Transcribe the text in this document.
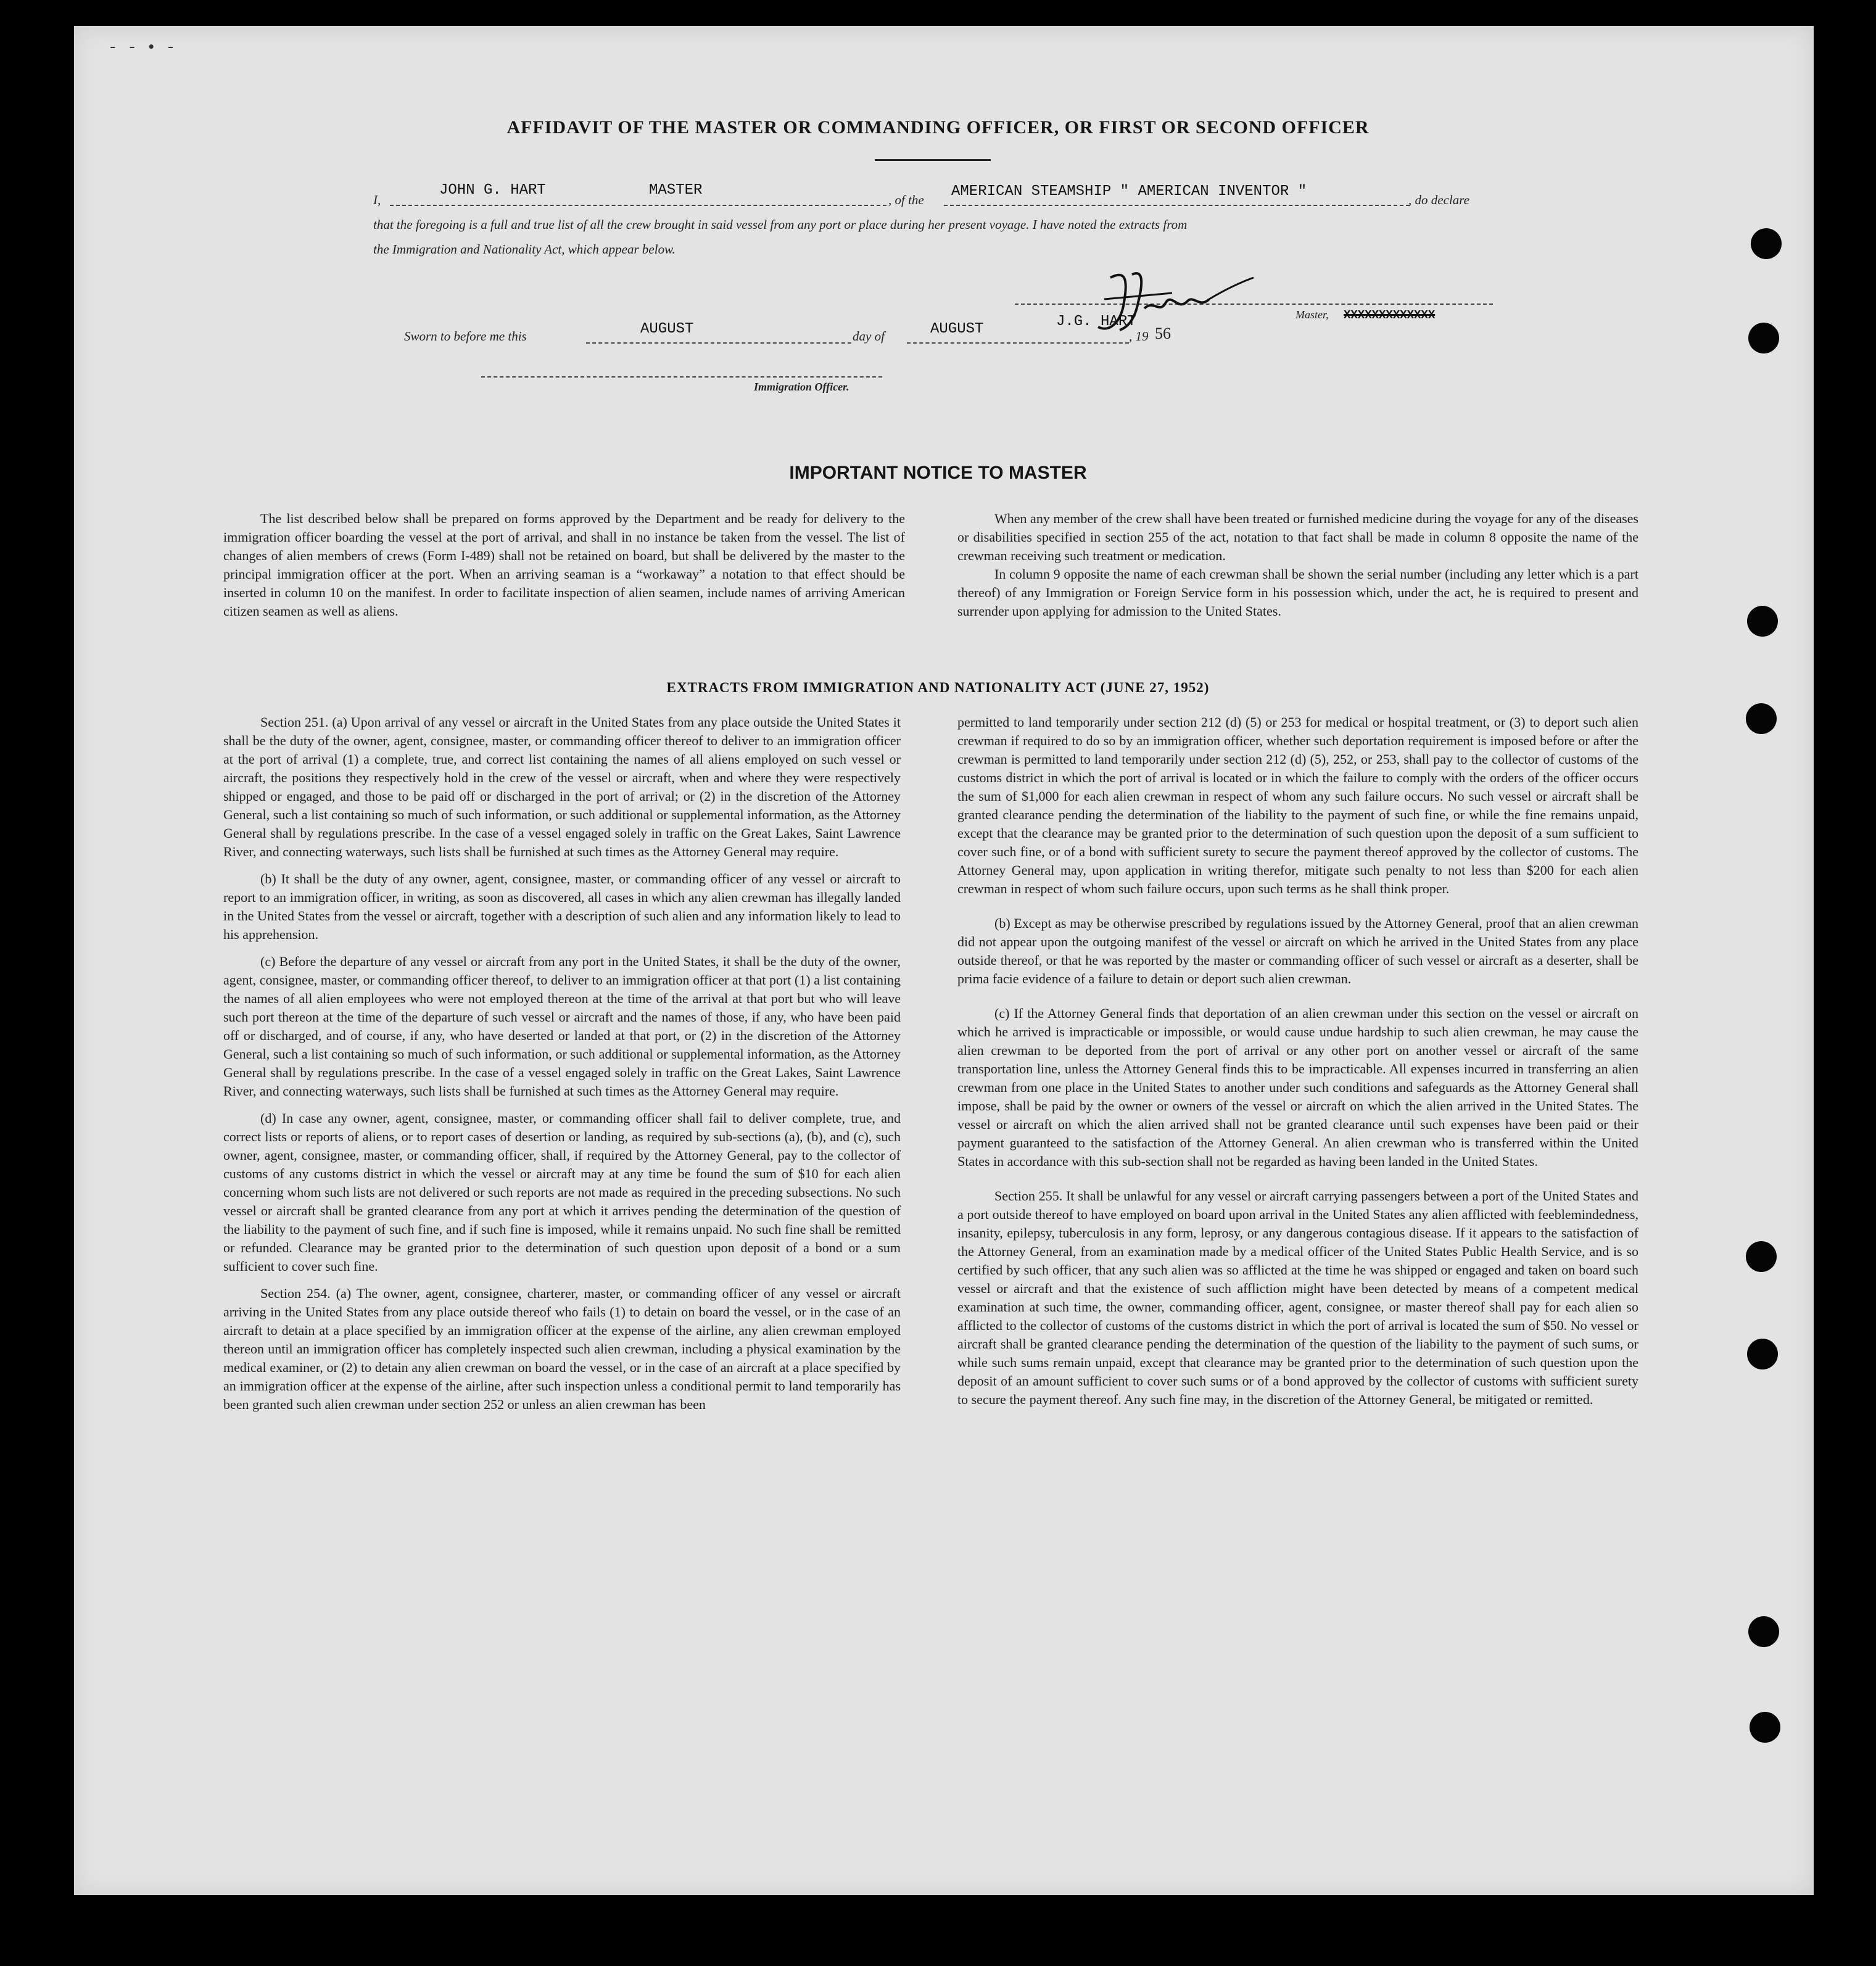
- - • -
AFFIDAVIT OF THE MASTER OR COMMANDING OFFICER, OR FIRST OR SECOND OFFICER
I,
JOHN G. HART	MASTER
, of the AMERICAN STEAMSHIP " AMERICAN INVENTOR "	, do declare
that the foregoing is a full and true list of all the crew brought in said vessel from any port or place during her present voyage. I have noted the extracts from
the Immigration and Nationality Act, which appear below.
J.G. HART	Master, XXXXXXXXXXXXX
Sworn to before me this	AUGUST	day of	AUGUST	, 19 56
Immigration Officer.
IMPORTANT NOTICE TO MASTER

The list described below shall be prepared on forms approved by the Department and be ready for delivery to the immigration officer boarding the vessel at the port of arrival, and shall in no instance be taken from the vessel. The list of changes of alien members of crews (Form I-489) shall not be retained on board, but shall be delivered by the master to the principal immigration officer at the port. When an arriving seaman is a “workaway” a notation to that effect should be inserted in column 10 on the manifest. In order to facilitate inspection of alien seamen, include names of arriving American citizen seamen as well as aliens.

When any member of the crew shall have been treated or furnished medicine during the voyage for any of the diseases or disabilities specified in section 255 of the act, notation to that fact shall be made in column 8 opposite the name of the crewman receiving such treatment or medication.

In column 9 opposite the name of each crewman shall be shown the serial number (including any letter which is a part thereof) of any Immigration or Foreign Service form in his possession which, under the act, he is required to present and surrender upon applying for admission to the United States.

EXTRACTS FROM IMMIGRATION AND NATIONALITY ACT (JUNE 27, 1952)

Section 251. (a) Upon arrival of any vessel or aircraft in the United States from any place outside the United States it shall be the duty of the owner, agent, consignee, master, or commanding officer thereof to deliver to an immigration officer at the port of arrival (1) a complete, true, and correct list containing the names of all aliens employed on such vessel or aircraft, the positions they respectively hold in the crew of the vessel or aircraft, when and where they were respectively shipped or engaged, and those to be paid off or discharged in the port of arrival; or (2) in the discretion of the Attorney General, such a list containing so much of such information, or such additional or supplemental information, as the Attorney General shall by regulations prescribe. In the case of a vessel engaged solely in traffic on the Great Lakes, Saint Lawrence River, and connecting waterways, such lists shall be furnished at such times as the Attorney General may require.

(b) It shall be the duty of any owner, agent, consignee, master, or commanding officer of any vessel or aircraft to report to an immigration officer, in writing, as soon as discovered, all cases in which any alien crewman has illegally landed in the United States from the vessel or aircraft, together with a description of such alien and any information likely to lead to his apprehension.

(c) Before the departure of any vessel or aircraft from any port in the United States, it shall be the duty of the owner, agent, consignee, master, or commanding officer thereof, to deliver to an immigration officer at that port (1) a list containing the names of all alien employees who were not employed thereon at the time of the arrival at that port but who will leave such port thereon at the time of the departure of such vessel or aircraft and the names of those, if any, who have been paid off or discharged, and of course, if any, who have deserted or landed at that port, or (2) in the discretion of the Attorney General, such a list containing so much of such information, or such additional or supplemental information, as the Attorney General shall by regulations prescribe. In the case of a vessel engaged solely in traffic on the Great Lakes, Saint Lawrence River, and connecting waterways, such lists shall be furnished at such times as the Attorney General may require.

(d) In case any owner, agent, consignee, master, or commanding officer shall fail to deliver complete, true, and correct lists or reports of aliens, or to report cases of desertion or landing, as required by sub-sections (a), (b), and (c), such owner, agent, consignee, master, or commanding officer, shall, if required by the Attorney General, pay to the collector of customs of any customs district in which the vessel or aircraft may at any time be found the sum of $10 for each alien concerning whom such lists are not delivered or such reports are not made as required in the preceding subsections. No such vessel or aircraft shall be granted clearance from any port at which it arrives pending the determination of the question of the liability to the payment of such fine, and if such fine is imposed, while it remains unpaid. No such fine shall be remitted or refunded. Clearance may be granted prior to the determination of such question upon deposit of a bond or a sum sufficient to cover such fine.

Section 254. (a) The owner, agent, consignee, charterer, master, or commanding officer of any vessel or aircraft arriving in the United States from any place outside thereof who fails (1) to detain on board the vessel, or in the case of an aircraft to detain at a place specified by an immigration officer at the expense of the airline, any alien crewman employed thereon until an immigration officer has completely inspected such alien crewman, including a physical examination by the medical examiner, or (2) to detain any alien crewman on board the vessel, or in the case of an aircraft at a place specified by an immigration officer at the expense of the airline, after such inspection unless a conditional permit to land temporarily has been granted such alien crewman under section 252 or unless an alien crewman has been

permitted to land temporarily under section 212 (d) (5) or 253 for medical or hospital treatment, or (3) to deport such alien crewman if required to do so by an immigration officer, whether such deportation requirement is imposed before or after the crewman is permitted to land temporarily under section 212 (d) (5), 252, or 253, shall pay to the collector of customs of the customs district in which the port of arrival is located or in which the failure to comply with the orders of the officer occurs the sum of $1,000 for each alien crewman in respect of whom any such failure occurs. No such vessel or aircraft shall be granted clearance pending the determination of the liability to the payment of such fine, or while the fine remains unpaid, except that the clearance may be granted prior to the determination of such question upon the deposit of a sum sufficient to cover such fine, or of a bond with sufficient surety to secure the payment thereof approved by the collector of customs. The Attorney General may, upon application in writing therefor, mitigate such penalty to not less than $200 for each alien crewman in respect of whom such failure occurs, upon such terms as he shall think proper.

(b) Except as may be otherwise prescribed by regulations issued by the Attorney General, proof that an alien crewman did not appear upon the outgoing manifest of the vessel or aircraft on which he arrived in the United States from any place outside thereof, or that he was reported by the master or commanding officer of such vessel or aircraft as a deserter, shall be prima facie evidence of a failure to detain or deport such alien crewman.

(c) If the Attorney General finds that deportation of an alien crewman under this section on the vessel or aircraft on which he arrived is impracticable or impossible, or would cause undue hardship to such alien crewman, he may cause the alien crewman to be deported from the port of arrival or any other port on another vessel or aircraft of the same transportation line, unless the Attorney General finds this to be impracticable. All expenses incurred in transferring an alien crewman from one place in the United States to another under such conditions and safeguards as the Attorney General shall impose, shall be paid by the owner or owners of the vessel or aircraft on which the alien arrived in the United States. The vessel or aircraft on which the alien arrived shall not be granted clearance until such expenses have been paid or their payment guaranteed to the satisfaction of the Attorney General. An alien crewman who is transferred within the United States in accordance with this sub-section shall not be regarded as having been landed in the United States.

Section 255. It shall be unlawful for any vessel or aircraft carrying passengers between a port of the United States and a port outside thereof to have employed on board upon arrival in the United States any alien afflicted with feeblemindedness, insanity, epilepsy, tuberculosis in any form, leprosy, or any dangerous contagious disease. If it appears to the satisfaction of the Attorney General, from an examination made by a medical officer of the United States Public Health Service, and is so certified by such officer, that any such alien was so afflicted at the time he was shipped or engaged and taken on board such vessel or aircraft and that the existence of such affliction might have been detected by means of a competent medical examination at such time, the owner, commanding officer, agent, consignee, or master thereof shall pay for each alien so afflicted to the collector of customs of the customs district in which the port of arrival is located the sum of $50. No vessel or aircraft shall be granted clearance pending the determination of the question of the liability to the payment of such sums, or while such sums remain unpaid, except that clearance may be granted prior to the determination of such question upon the deposit of an amount sufficient to cover such sums or of a bond approved by the collector of customs with sufficient surety to secure the payment thereof. Any such fine may, in the discretion of the Attorney General, be mitigated or remitted.
